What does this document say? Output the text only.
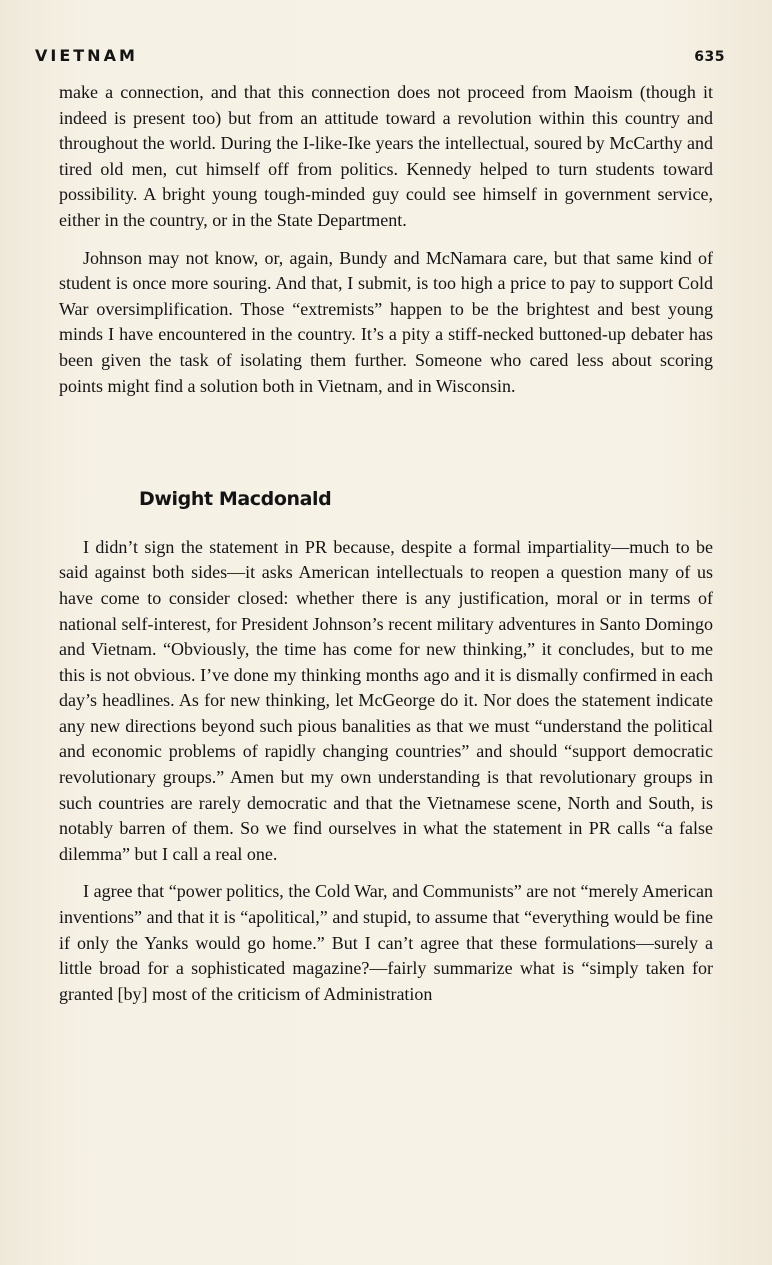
VIETNAM	635

make a connection, and that this connection does not proceed from Maoism (though it indeed is present too) but from an attitude toward a revolution within this country and throughout the world. During the I-like-Ike years the intellectual, soured by McCarthy and tired old men, cut himself off from politics. Kennedy helped to turn students toward possibility. A bright young tough-minded guy could see himself in government service, either in the country, or in the State Department.

Johnson may not know, or, again, Bundy and McNamara care, but that same kind of student is once more souring. And that, I submit, is too high a price to pay to support Cold War oversimplification. Those “extremists” happen to be the brightest and best young minds I have encountered in the country. It’s a pity a stiff-necked buttoned-up debater has been given the task of isolating them further. Someone who cared less about scoring points might find a solution both in Vietnam, and in Wisconsin.

Dwight Macdonald

I didn’t sign the statement in PR because, despite a formal impartiality—much to be said against both sides—it asks American intellectuals to reopen a question many of us have come to consider closed: whether there is any justification, moral or in terms of national self-interest, for President Johnson’s recent military adventures in Santo Domingo and Vietnam. “Obviously, the time has come for new thinking,” it concludes, but to me this is not obvious. I’ve done my thinking months ago and it is dismally confirmed in each day’s headlines. As for new thinking, let McGeorge do it. Nor does the statement indicate any new directions beyond such pious banalities as that we must “understand the political and economic problems of rapidly changing countries” and should “support democratic revolutionary groups.” Amen but my own understanding is that revolutionary groups in such countries are rarely democratic and that the Vietnamese scene, North and South, is notably barren of them. So we find ourselves in what the statement in PR calls “a false dilemma” but I call a real one.

I agree that “power politics, the Cold War, and Communists” are not “merely American inventions” and that it is “apolitical,” and stupid, to assume that “everything would be fine if only the Yanks would go home.” But I can’t agree that these formulations—surely a little broad for a sophisticated magazine?—fairly summarize what is “simply taken for granted [by] most of the criticism of Administration
